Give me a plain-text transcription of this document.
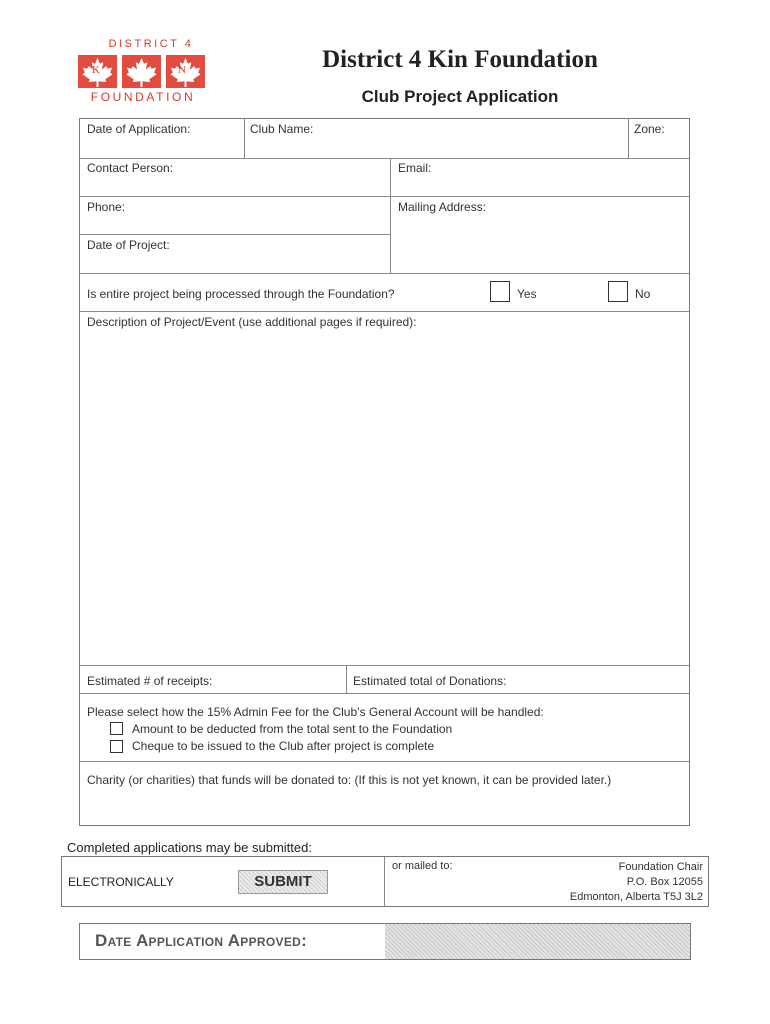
DISTRICT 4
K	N
FOUNDATION
District 4 Kin Foundation
Club Project Application
Date of Application:	Club Name:	Zone:
Contact Person:	Email:
Phone:	Mailing Address:
Date of Project:
Is entire project being processed through the Foundation?	Yes	No
Description of Project/Event (use additional pages if required):
Estimated # of receipts:	Estimated total of Donations:
Please select how the 15% Admin Fee for the Club’s General Account will be handled:
Amount to be deducted from the total sent to the Foundation
Cheque to be issued to the Club after project is complete
Charity (or charities) that funds will be donated to: (If this is not yet known, it can be provided later.)
Completed applications may be submitted:
ELECTRONICALLY	SUBMIT
or mailed to:	Foundation Chair
P.O. Box 12055
Edmonton, Alberta T5J 3L2
Date Application Approved:
